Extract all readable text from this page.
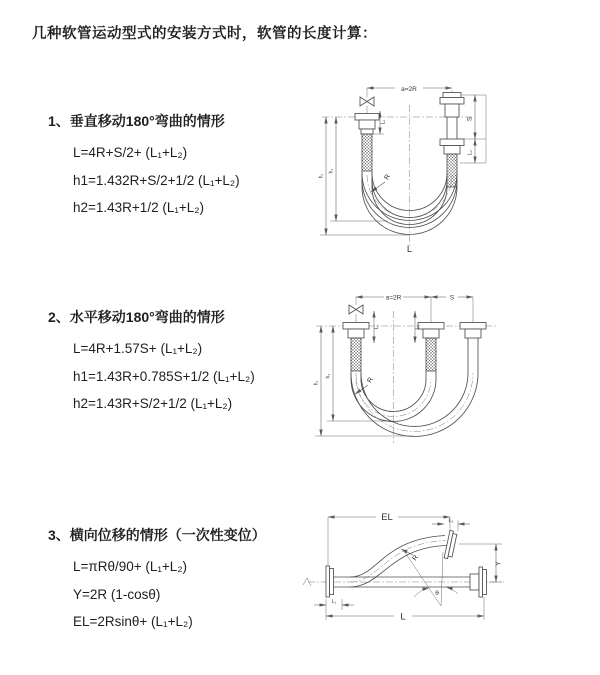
几种软管运动型式的安装方式时，软管的长度计算：
1、垂直移动180°弯曲的情形
L=4R+S/2+ (L₁+L₂)
h1=1.432R+S/2+1/2 (L₁+L₂)
h2=1.43R+1/2 (L₁+L₂)
a=2R
S
L₂
L₁
h₁
h₂
R
L
2、水平移动180°弯曲的情形
L=4R+1.57S+ (L₁+L₂)
h1=1.43R+0.785S+1/2 (L₁+L₂)
h2=1.43R+S/2+1/2 (L₁+L₂)
a=2R	S
L₁	L₂
h₁
h₂
R
3、横向位移的情形（一次性变位）
L=πRθ/90+ (L₁+L₂)
Y=2R (1-cosθ)
EL=2Rsinθ+ (L₁+L₂)
EL	L₂
Y
L₁
R
θ
L
